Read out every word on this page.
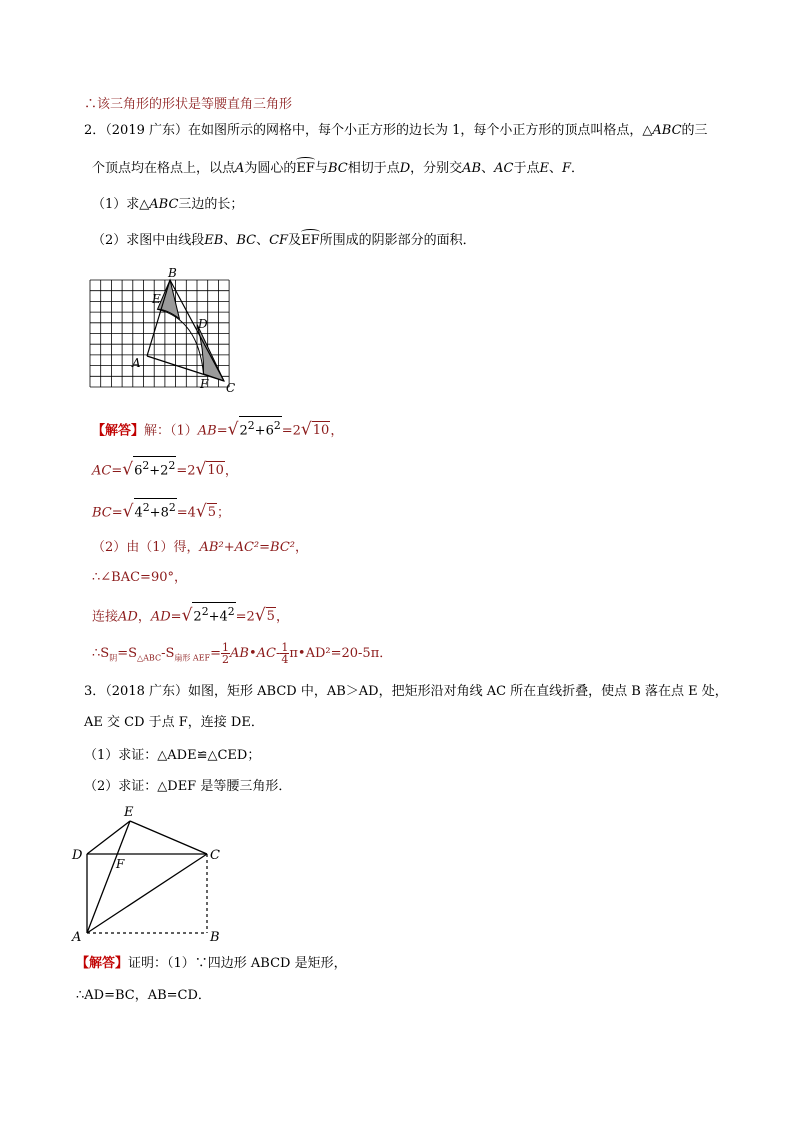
∴该三角形的形状是等腰直角三角形
2．（2019 广东）在如图所示的网格中，每个小正方形的边长为 1，每个小正方形的顶点叫格点，△ABC的三
个顶点均在格点上，以点A为圆心的EF与BC相切于点D，分别交AB、AC于点E、F．
（1）求△ABC三边的长；
（2）求图中由线段EB、BC、CF及EF所围成的阴影部分的面积．
B
E
D
A
F C
【解答】解：$(1)AB=√2^2+6^2=2√10$，
$AC=√6^2+2^2=2√10$，
$BC=√4^2+8^2=4√5$；
（2）由（1）得，AB²+AC²=BC²，
∴∠BAC=90°，
连接AD，$AD=√2^2+4^2=2√5$，
$\therefore S_阴=S_{\triangle ABC}-S_{扇形 AEF}= \frac{1}{2}$ AB•AC- $\frac{1}{4}$ π•AD²=20-5π．
3．（2018 广东）如图，矩形 ABCD 中，AB＞AD，把矩形沿对角线 AC 所在直线折叠，使点 B 落在点 E 处，
AE 交 CD 于点 F，连接 DE．
（1）求证：△ADE≌△CED；
（2）求证：△DEF 是等腰三角形．
E
D	C
F
A	B
【解答】证明：（1）∵四边形 ABCD 是矩形，
∴AD=BC，AB=CD．
